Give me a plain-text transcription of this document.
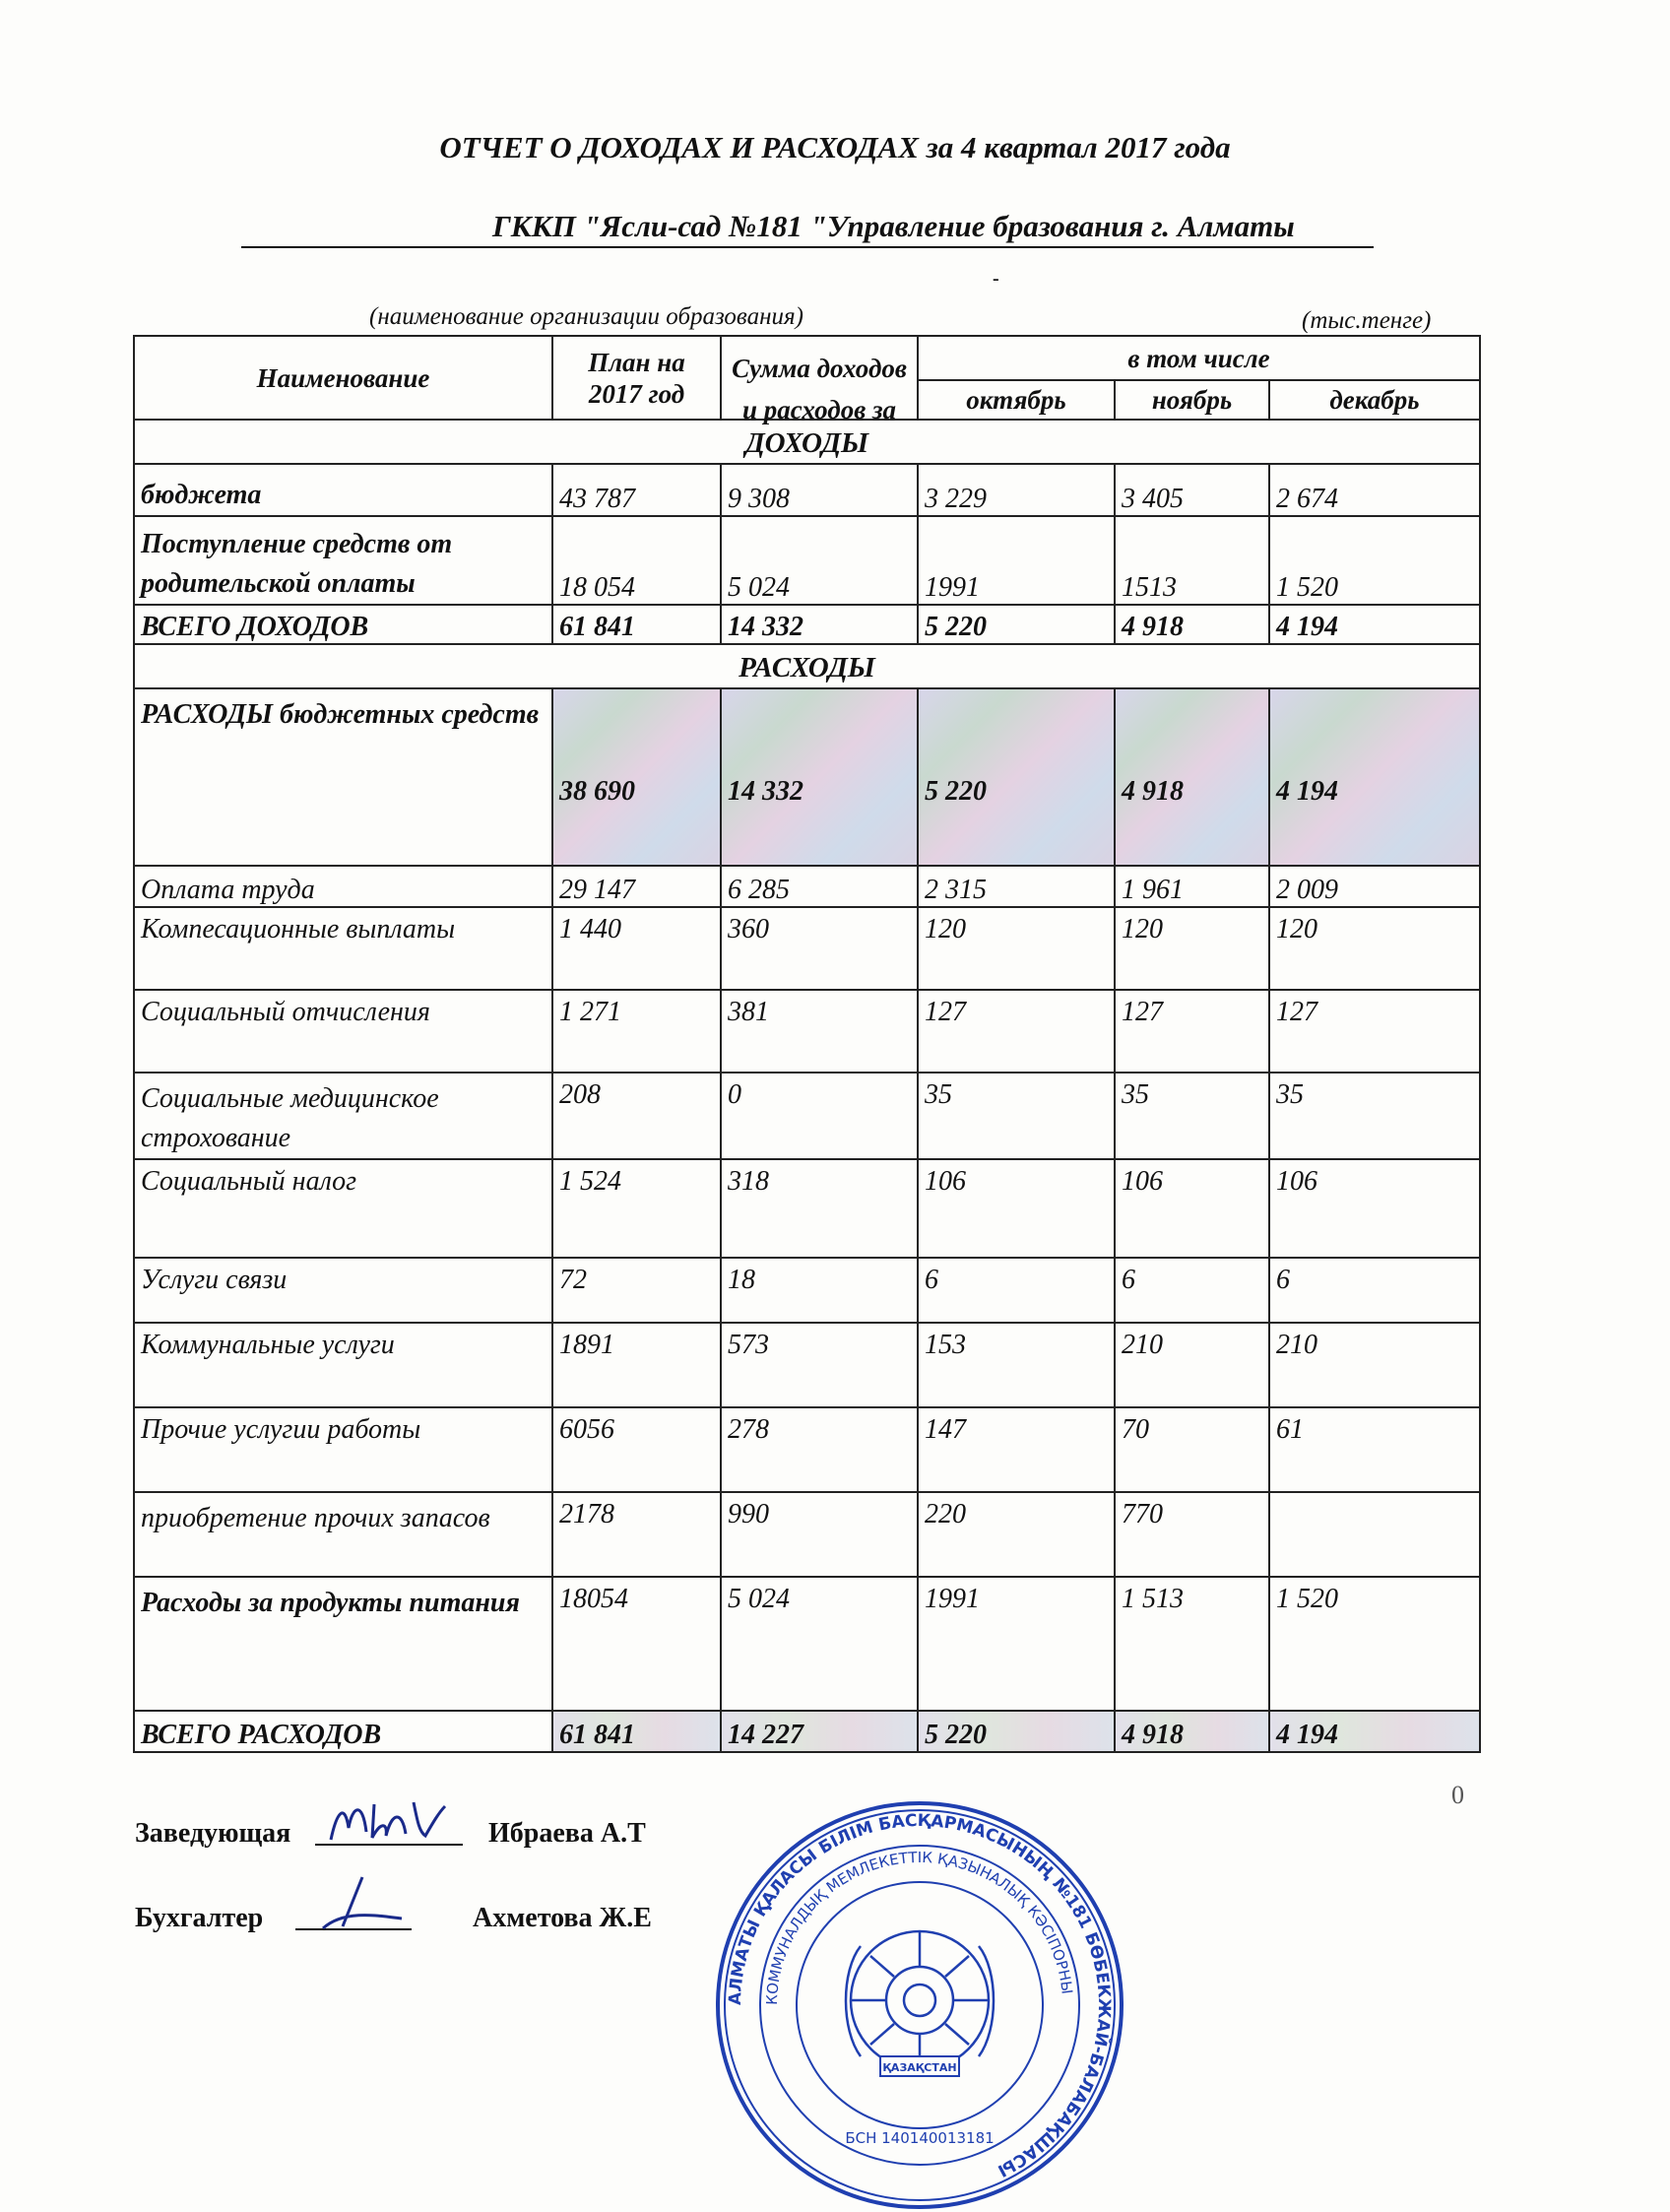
ОТЧЕТ О ДОХОДАХ И РАСХОДАХ за 4 квартал 2017 года
ГККП "Ясли-сад №181 "Управление бразования г. Алматы
-
(наименование организации образования)	(тыс.тенге)
Наименование	План на 2017 год	Сумма доходов и расходов за	в том числе		
			октябрь	ноябрь	декабрь
ДОХОДЫ					
бюджета	43 787	9 308	3 229	3 405	2 674
Поступление средств от родительской оплаты	18 054	5 024	1991	1513	1 520
ВСЕГО ДОХОДОВ	61 841	14 332	5 220	4 918	4 194
РАСХОДЫ					
РАСХОДЫ бюджетных средств	38 690	14 332	5 220	4 918	4 194
Оплата труда	29 147	6 285	2 315	1 961	2 009
Компесационные выплаты	1 440	360	120	120	120
Социальный отчисления	1 271	381	127	127	127
Социальные медицинское строхование	208	0	35	35	35
Социальный налог	1 524	318	106	106	106
Услуги связи	72	18	6	6	6
Коммунальные услуги	1891	573	153	210	210
Прочие услугии работы	6056	278	147	70	61
приобретение прочих запасов	2178	990	220	770	
Расходы за продукты питания	18054	5 024	1991	1 513	1 520
ВСЕГО РАСХОДОВ	61 841	14 227	5 220	4 918	4 194
0
Заведующая	Ибраева А.Т
Бухгалтер	Ахметова Ж.Е
АЛМАТЫ ҚАЛАСЫ БІЛІМ БАСҚАРМАСЫНЫҢ №181 БӨБЕКЖАЙ-БАЛАБАҚШАСЫ
КОММУНАЛДЫҚ МЕМЛЕКЕТТІК ҚАЗЫНАЛЫҚ КӘСІПОРНЫ
БСН 140140013181
ҚАЗАҚСТАН
